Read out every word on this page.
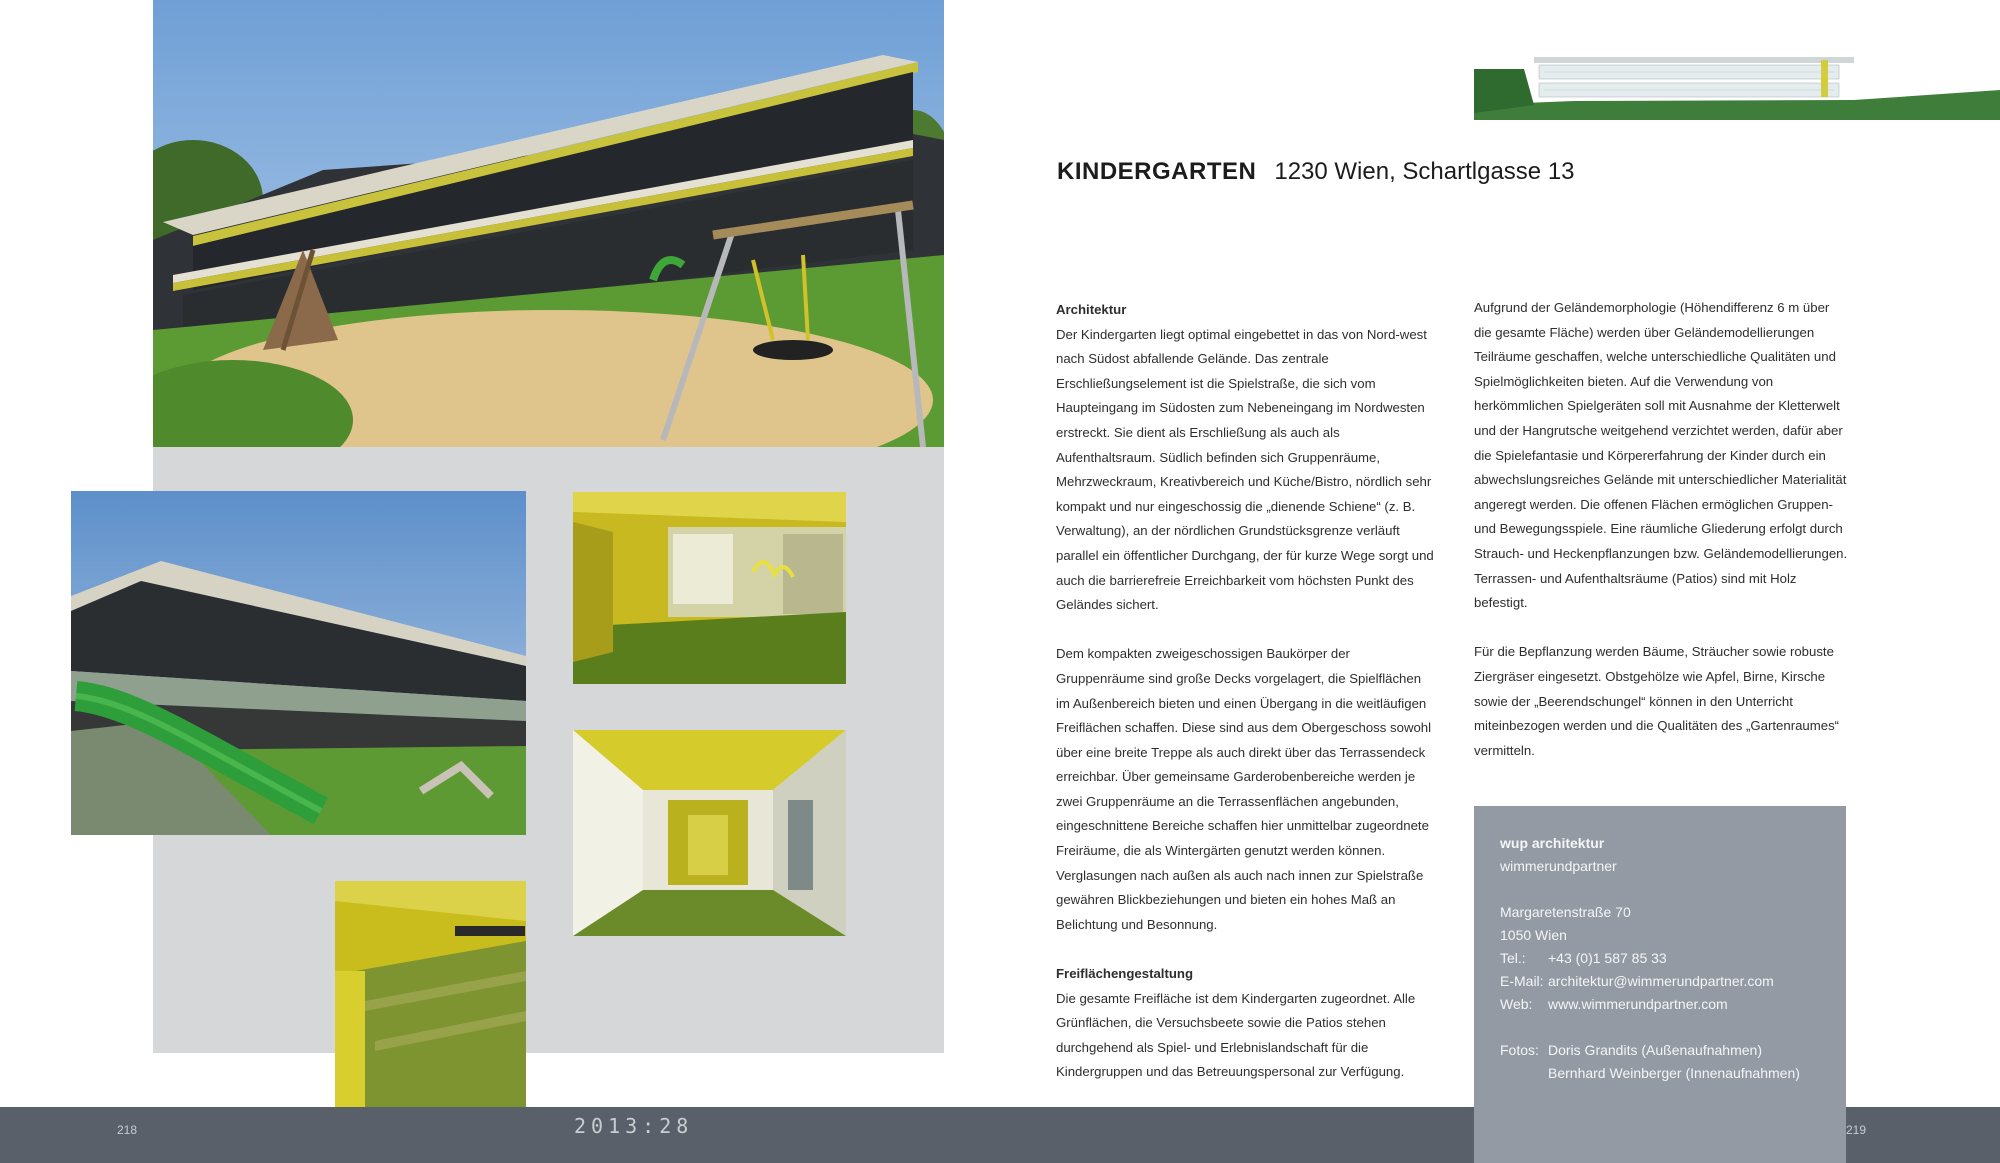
KINDERGARTEN 1230 Wien, Schartlgasse 13

Architektur
Der Kindergarten liegt optimal eingebettet in das von Nord-west nach Südost abfallende Gelände. Das zentrale Erschließungselement ist die Spielstraße, die sich vom Haupteingang im Südosten zum Nebeneingang im Nordwesten erstreckt. Sie dient als Erschließung als auch als Aufenthaltsraum. Südlich befinden sich Gruppenräume, Mehrzweckraum, Kreativbereich und Küche/Bistro, nördlich sehr kompakt und nur eingeschossig die „dienende Schiene“ (z. B. Verwaltung), an der nördlichen Grundstücksgrenze verläuft parallel ein öffentlicher Durchgang, der für kurze Wege sorgt und auch die barrierefreie Erreichbarkeit vom höchsten Punkt des Geländes sichert.

Dem kompakten zweigeschossigen Baukörper der Gruppenräume sind große Decks vorgelagert, die Spielflächen im Außenbereich bieten und einen Übergang in die weitläufigen Freiflächen schaffen. Diese sind aus dem Obergeschoss sowohl über eine breite Treppe als auch direkt über das Terrassendeck erreichbar. Über gemeinsame Garderobenbereiche werden je zwei Gruppenräume an die Terrassenflächen angebunden, eingeschnittene Bereiche schaffen hier unmittelbar zugeordnete Freiräume, die als Wintergärten genutzt werden können. Verglasungen nach außen als auch nach innen zur Spielstraße gewähren Blickbeziehungen und bieten ein hohes Maß an Belichtung und Besonnung.

Freiflächengestaltung
Die gesamte Freifläche ist dem Kindergarten zugeordnet. Alle Grünflächen, die Versuchsbeete sowie die Patios stehen durchgehend als Spiel- und Erlebnislandschaft für die Kindergruppen und das Betreuungspersonal zur Verfügung.

Aufgrund der Geländemorphologie (Höhendifferenz 6 m über die gesamte Fläche) werden über Geländemodellierungen Teilräume geschaffen, welche unterschiedliche Qualitäten und Spielmöglichkeiten bieten. Auf die Verwendung von herkömmlichen Spielgeräten soll mit Ausnahme der Kletterwelt und der Hangrutsche weitgehend verzichtet werden, dafür aber die Spielefantasie und Körpererfahrung der Kinder durch ein abwechslungsreiches Gelände mit unterschiedlicher Materialität angeregt werden. Die offenen Flächen ermöglichen Gruppen- und Bewegungsspiele. Eine räumliche Gliederung erfolgt durch Strauch- und Heckenpflanzungen bzw. Geländemodellierungen. Terrassen- und Aufenthaltsräume (Patios) sind mit Holz befestigt.

Für die Bepflanzung werden Bäume, Sträucher sowie robuste Ziergräser eingesetzt. Obstgehölze wie Apfel, Birne, Kirsche sowie der „Beerendschungel“ können in den Unterricht miteinbezogen werden und die Qualitäten des „Gartenraumes“ vermitteln.

wup architektur
wimmerundpartner
Margaretenstraße 70
1050 Wien
Tel.:	+43 (0)1 587 85 33
E-Mail: architektur@wimmerundpartner.com
Web:	www.wimmerundpartner.com
Fotos: Doris Grandits (Außenaufnahmen)
Bernhard Weinberger (Innenaufnahmen)
218	219
2013:28
